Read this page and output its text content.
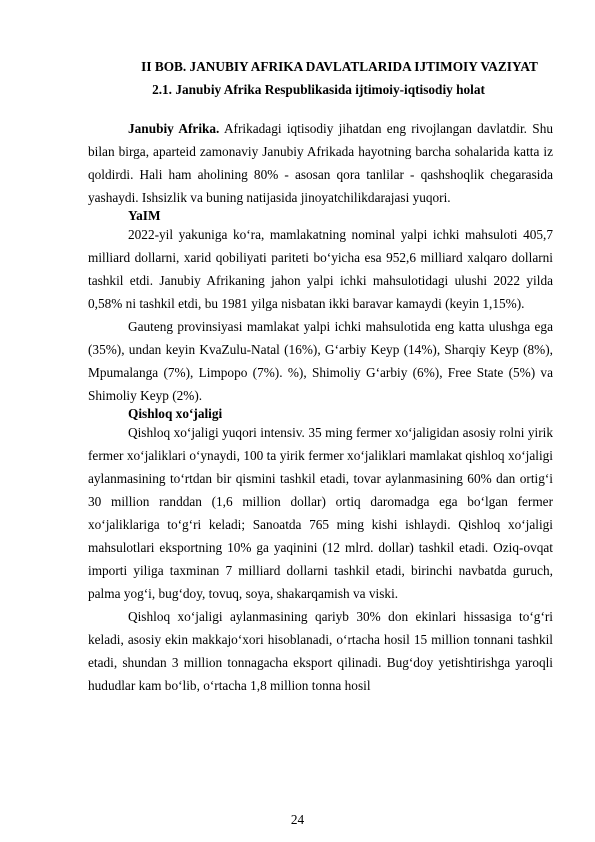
II BOB. JANUBIY AFRIKA DAVLATLARIDA IJTIMOIY VAZIYAT

2.1. Janubiy Afrika Respublikasida ijtimoiy-iqtisodiy holat

Janubiy Afrika. Afrikadagi iqtisodiy jihatdan eng rivojlangan davlatdir. Shu bilan birga, aparteid zamonaviy Janubiy Afrikada hayotning barcha sohalarida katta iz qoldirdi. Hali ham aholining 80% - asosan qora tanlilar - qashshoqlik chegarasida yashaydi. Ishsizlik va buning natijasida jinoyatchilikdarajasi yuqori.

YaIM

2022-yil yakuniga ko‘ra, mamlakatning nominal yalpi ichki mahsuloti 405,7 milliard dollarni, xarid qobiliyati pariteti bo‘yicha esa 952,6 milliard xalqaro dollarni tashkil etdi. Janubiy Afrikaning jahon yalpi ichki mahsulotidagi ulushi 2022 yilda 0,58% ni tashkil etdi, bu 1981 yilga nisbatan ikki baravar kamaydi (keyin 1,15%).

Gauteng provinsiyasi mamlakat yalpi ichki mahsulotida eng katta ulushga ega (35%), undan keyin KvaZulu-Natal (16%), G‘arbiy Keyp (14%), Sharqiy Keyp (8%), Mpumalanga (7%), Limpopo (7%). %), Shimoliy G‘arbiy (6%), Free State (5%) va Shimoliy Keyp (2%).

Qishloq xo‘jaligi

Qishloq xo‘jaligi yuqori intensiv. 35 ming fermer xo‘jaligidan asosiy rolni yirik fermer xo‘jaliklari o‘ynaydi, 100 ta yirik fermer xo‘jaliklari mamlakat qishloq xo‘jaligi aylanmasining to‘rtdan bir qismini tashkil etadi, tovar aylanmasining 60% dan ortig‘i 30 million randdan (1,6 million dollar) ortiq daromadga ega bo‘lgan fermer xo‘jaliklariga to‘g‘ri keladi; Sanoatda 765 ming kishi ishlaydi. Qishloq xo‘jaligi mahsulotlari eksportning 10% ga yaqinini (12 mlrd. dollar) tashkil etadi. Oziq-ovqat importi yiliga taxminan 7 milliard dollarni tashkil etadi, birinchi navbatda guruch, palma yog‘i, bug‘doy, tovuq, soya, shakarqamish va viski.

Qishloq xo‘jaligi aylanmasining qariyb 30% don ekinlari hissasiga to‘g‘ri keladi, asosiy ekin makkajo‘xori hisoblanadi, o‘rtacha hosil 15 million tonnani tashkil etadi, shundan 3 million tonnagacha eksport qilinadi. Bug‘doy yetishtirishga yaroqli hududlar kam bo‘lib, o‘rtacha 1,8 million tonna hosil

24
